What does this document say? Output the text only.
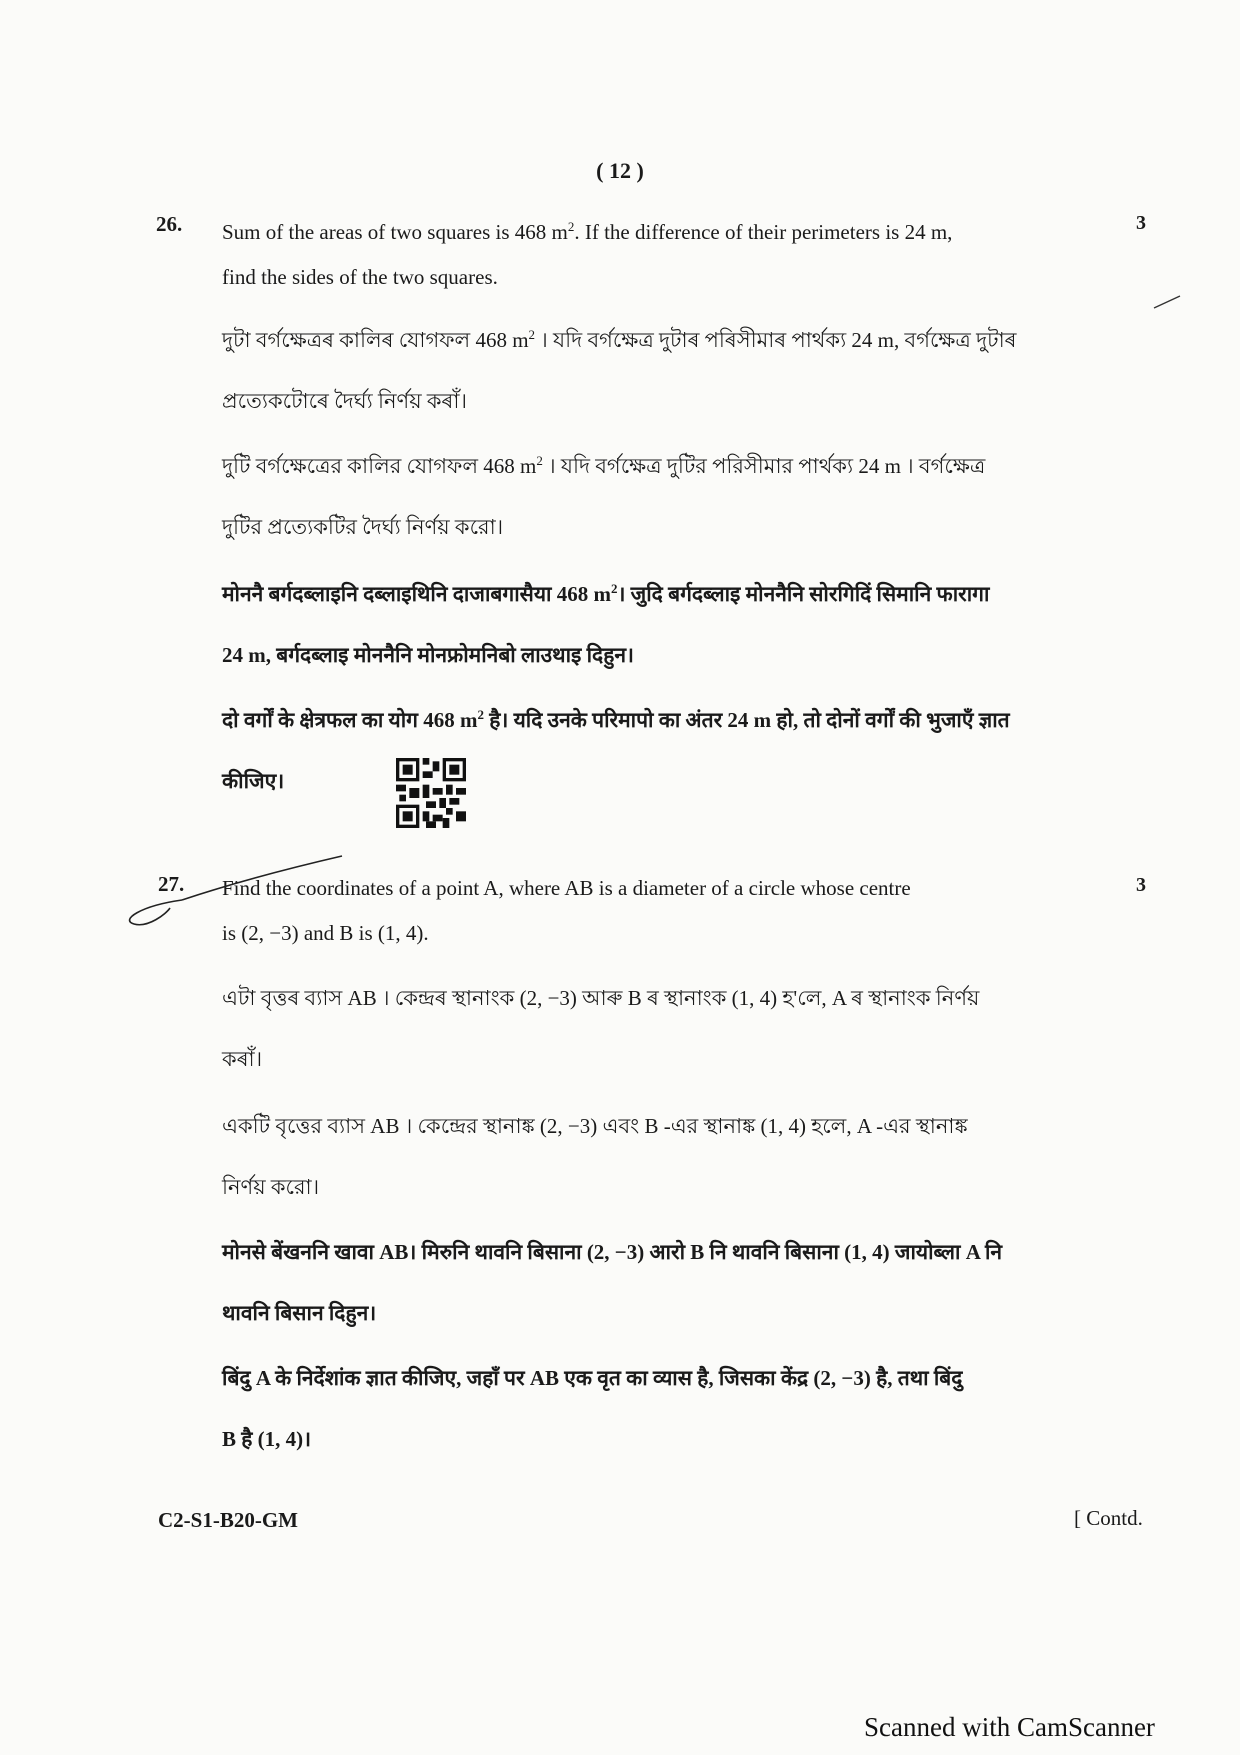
( 12 )
26.	3
Sum of the areas of two squares is 468 $m^2$. If the difference of their perimeters is 24 m,
find the sides of the two squares.
দুটা বৰ্গক্ষেত্ৰৰ কালিৰ যোগফল 468 $m^2$ । যদি বৰ্গক্ষেত্ৰ দুটাৰ পৰিসীমাৰ পাৰ্থক্য 24 m, বৰ্গক্ষেত্ৰ দুটাৰ
প্ৰত্যেকটোৰে দৈৰ্ঘ্য নিৰ্ণয় কৰাঁ।
দুটি বর্গক্ষেত্রের কালির যোগফল 468 $m^2$ । যদি বর্গক্ষেত্র দুটির পরিসীমার পার্থক্য 24 m । বর্গক্ষেত্র
দুটির প্রত্যেকটির দৈর্ঘ্য নির্ণয় করো।
मोननै बर्गदब्लाइनि दब्लाइथिनि दाजाबगासैया 468 $m^2।$ जुदि बर्गदब्लाइ मोननैनि सोरगिदिं सिमानि फारागा
24 m, बर्गदब्लाइ मोननैनि मोनफ्रोमनिबो लाउथाइ दिहुन।
दो वर्गों के क्षेत्रफल का योग 468 $m^2$ है। यदि उनके परिमापो का अंतर 24 m हो, तो दोनों वर्गों की भुजाएँ ज्ञात
कीजिए।
27.	3
Find the coordinates of a point A, where AB is a diameter of a circle whose centre
is (2, −3) and B is (1, 4).
এটা বৃত্তৰ ব্যাস AB । কেন্দ্ৰৰ স্থানাংক (2, −3) আৰু B ৰ স্থানাংক (1, 4) হ'লে, A ৰ স্থানাংক নিৰ্ণয়
কৰাঁ।
একটি বৃত্তের ব্যাস AB । কেন্দ্রের স্থানাঙ্ক (2, −3) এবং B -এর স্থানাঙ্ক (1, 4) হলে, A -এর স্থানাঙ্ক
নির্ণয় করো।
मोनसे बेंखननि खावा AB। मिरुनि थावनि बिसाना (2, −3) आरो B नि थावनि बिसाना (1, 4) जायोब्ला A नि
थावनि बिसान दिहुन।
बिंदु A के निर्देशांक ज्ञात कीजिए, जहाँ पर AB एक वृत का व्यास है, जिसका केंद्र (2, −3) है, तथा बिंदु
B है (1, 4)।
C2-S1-B20-GM	[ Contd.
Scanned with CamScanner
